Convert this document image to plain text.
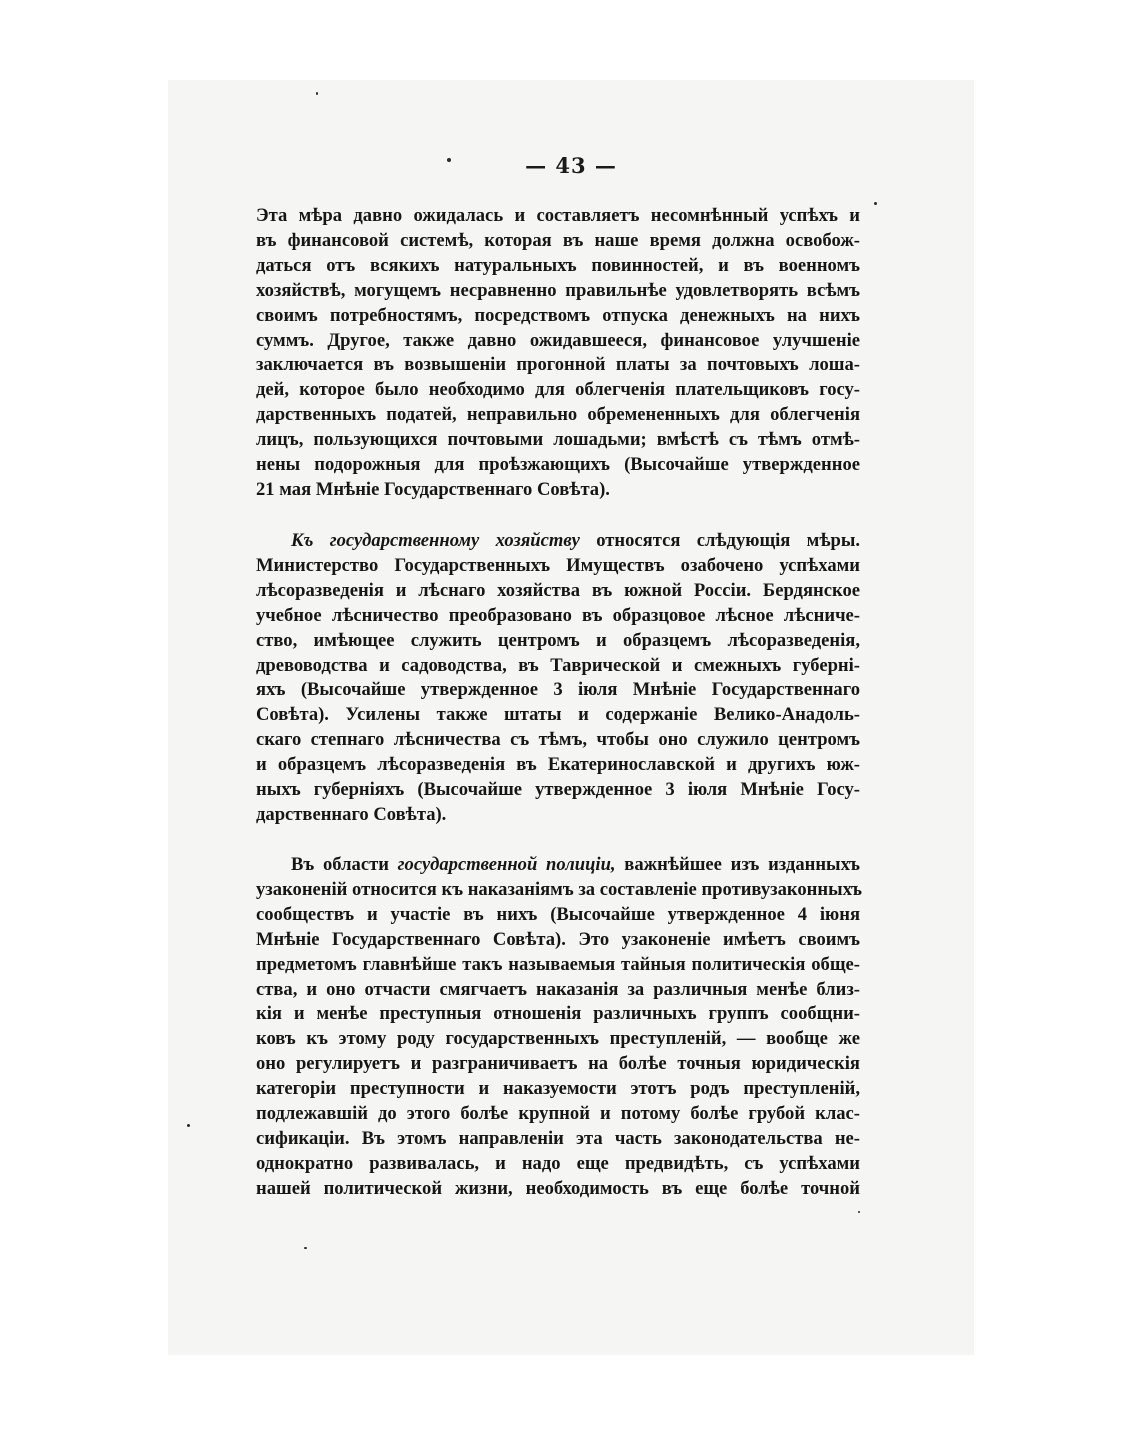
— 43 —
Эта мѣра давно ожидалась и составляетъ несомнѣнный успѣхъ и
въ финансовой системѣ, которая въ наше время должна освобож-
даться отъ всякихъ натуральныхъ повинностей, и въ военномъ
хозяйствѣ, могущемъ несравненно правильнѣе удовлетворять всѣмъ
своимъ потребностямъ, посредствомъ отпуска денежныхъ на нихъ
суммъ. Другое, также давно ожидавшееся, финансовое улучшеніе
заключается въ возвышеніи прогонной платы за почтовыхъ лоша-
дей, которое было необходимо для облегченія плательщиковъ госу-
дарственныхъ податей, неправильно обремененныхъ для облегченія
лицъ, пользующихся почтовыми лошадьми; вмѣстѣ съ тѣмъ отмѣ-
нены подорожныя для проѣзжающихъ (Высочайше утвержденное
21 мая Мнѣніе Государственнаго Совѣта).
Къ государственному хозяйству относятся слѣдующія мѣры.
Министерство Государственныхъ Имуществъ озабочено успѣхами
лѣсоразведенія и лѣснаго хозяйства въ южной Россіи. Бердянское
учебное лѣсничество преобразовано въ образцовое лѣсное лѣсниче-
ство, имѣющее служить центромъ и образцемъ лѣсоразведенія,
древоводства и садоводства, въ Таврической и смежныхъ губерні-
яхъ (Высочайше утвержденное 3 іюля Мнѣніе Государственнаго
Совѣта). Усилены также штаты и содержаніе Велико-Анадоль-
скаго степнаго лѣсничества съ тѣмъ, чтобы оно служило центромъ
и образцемъ лѣсоразведенія въ Екатеринославской и другихъ юж-
ныхъ губерніяхъ (Высочайше утвержденное 3 іюля Мнѣніе Госу-
дарственнаго Совѣта).
Въ области государственной полиціи, важнѣйшее изъ изданныхъ
узаконеній относится къ наказаніямъ за составленіе противузаконныхъ
сообществъ и участіе въ нихъ (Высочайше утвержденное 4 іюня
Мнѣніе Государственнаго Совѣта). Это узаконеніе имѣетъ своимъ
предметомъ главнѣйше такъ называемыя тайныя политическія обще-
ства, и оно отчасти смягчаетъ наказанія за различныя менѣе близ-
кія и менѣе преступныя отношенія различныхъ группъ сообщни-
ковъ къ этому роду государственныхъ преступленій, — вообще же
оно регулируетъ и разграничиваетъ на болѣе точныя юридическія
категоріи преступности и наказуемости этотъ родъ преступленій,
подлежавшій до этого болѣе крупной и потому болѣе грубой клас-
сификаціи. Въ этомъ направленіи эта часть законодательства не-
однократно развивалась, и надо еще предвидѣть, съ успѣхами
нашей политической жизни, необходимость въ еще болѣе точной
